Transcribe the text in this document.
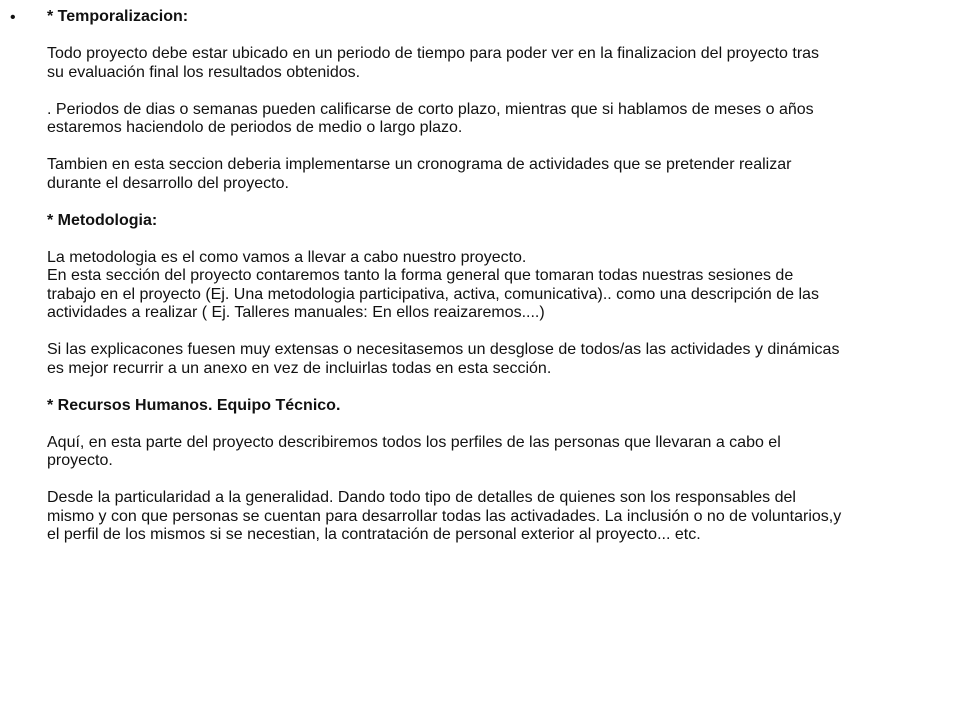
• * Temporalizacion:
Todo proyecto debe estar ubicado en un periodo de tiempo para poder ver en la finalizacion del proyecto tras
su evaluación final los resultados obtenidos.
. Periodos de dias o semanas pueden calificarse de corto plazo, mientras que si hablamos de meses o años
estaremos haciendolo de periodos de medio o largo plazo.
Tambien en esta seccion deberia implementarse un cronograma de actividades que se pretender realizar
durante el desarrollo del proyecto.
* Metodologia:
La metodologia es el como vamos a llevar a cabo nuestro proyecto.
En esta sección del proyecto contaremos tanto la forma general que tomaran todas nuestras sesiones de
trabajo en el proyecto (Ej. Una metodologia participativa, activa, comunicativa).. como una descripción de las
actividades a realizar ( Ej. Talleres manuales: En ellos reaizaremos....)
Si las explicacones fuesen muy extensas o necesitasemos un desglose de todos/as las actividades y dinámicas
es mejor recurrir a un anexo en vez de incluirlas todas en esta sección.
* Recursos Humanos. Equipo Técnico.
Aquí, en esta parte del proyecto describiremos todos los perfiles de las personas que llevaran a cabo el
proyecto.
Desde la particularidad a la generalidad. Dando todo tipo de detalles de quienes son los responsables del
mismo y con que personas se cuentan para desarrollar todas las activadades. La inclusión o no de voluntarios,y
el perfil de los mismos si se necestian, la contratación de personal exterior al proyecto... etc.
